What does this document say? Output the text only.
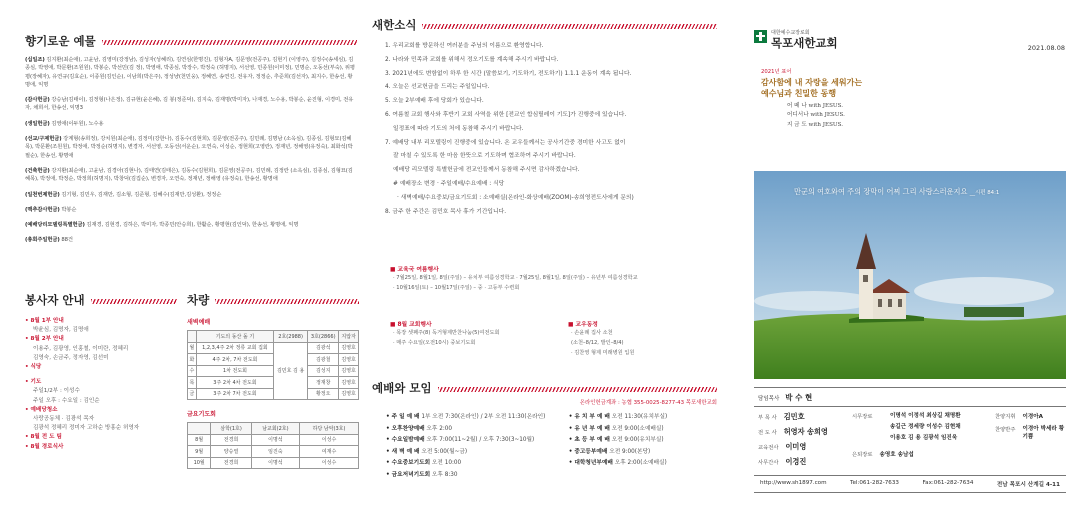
향기로운 예물
(십일조) 김지환(최순애), 고윤남, 김영미(강정남), 김성자(성혜리), 김연심(한명진), 김형자A, 김문영(전공주), 김현기 (이영주), 김정수(송세심), 김종심, 박영애, 박문환(조원원), 박봉순, 박선민(김 정), 박영애, 박종심, 박장수, 박정숙 (허명지), 서선영, 민종원(이미정), 민명순, 오동선(부숙), 위평평(장혜자), 유연규(김효순), 이종원(김인순), 이남희(박은주), 정성냥(천민웅), 정혜연, 송연진, 전유자, 정정순, 추준희(김선자), 최지수, 한송선, 황명애, 익명
(감사헌금) 강승남(김태이), 김정형(나은정), 김규현(윤은혜), 김 봉(정준덕), 김지숙, 김재명(박미자), 나재경, 노수용, 박봉순, 윤진형, 이경미, 전유자, 채희서, 한송선, 익명3
(생일헌금) 김영애(이두원), 노수용
(선교/구제헌금) 강계형(송희정), 강치원(최순애), 김정미(강한나), 김동수(김현희), 김문영(전공주), 김민례, 김명남 (소옥심), 김종심, 김형묘(김혜목), 박문환(조원원), 박정애, 박정순(허명지), 변경자, 서선영, 오동선(서운순), 오연숙, 이성순, 정현희(고영란), 정재년, 정해영(유정숙), 최화석(박필순), 한송선, 황명애
(건축헌금) 강지환(최순애), 고윤남, 김경아(김현나), 김태연(김태은), 김동수(김현희), 김문영(전공주), 김민례, 김정란 (소옥심), 김종심, 김형묘(김혜목), 박정애, 박정순, 박정희(허명지), 박창덕(김집순), 변경자, 오연숙, 정재년, 정해영 (유정숙), 한송선, 황명애
(일천번제헌금) 김기형, 김민우, 김재만, 김소형, 김준형, 김혜수(김재만,김성환), 정정순
(맥추감사헌금) 박봉순
(예배당리모델링특별헌금) 김재경, 김현경, 김하은, 박미자, 박종민(안승희), 한활순, 황평현(김인덕), 한송선, 황명애, 익명
(총회주일헌금) 88건
봉사자 안내
• 8월 1부 안내
박윤심, 김명자, 김명애
• 8월 2부 안내
이용주, 김광영, 인홍철, 이미란, 정혜리
김영숙, 손금주, 정자영, 김선미
• 식당
• 기도
주일1/2부 : 이성수
주일 오후 : 수요일 : 김인순
• 예배당청소
사랑공동체 · 김광석 목자
김광석 정혜리 정미자 고하순 방홍순 허영자
• 8월 전 도 팀
• 8월 경로식사
차량
새벽예배
	기도의 동산 돌 기	2호(2988)	3호(2866)	지압자
월	1,2,3,4주 2차 정류 교회 집회	김민호 김 용	김광석	김영호
화	4주 2차, 7차 전도회		김광철	김영호
수	1차 전도회		김성지	김영호
목	3주 2차 4차 전도회		정재창	김영호
금	3주 2차 7차 전도회		황정오	김영호
금요기도회
	삼학(1호)	남교회(2호)	하당 남악(3호)
8월	전경희	이명석	이성수
9월	양승열	임진숙	여재수
10월	전경희	이명석	이성수
새한소식
1. 우리교회를 방문하신 여러분을 주님의 이름으로 환영합니다.
2. 나라와 민족과 교회를 위해서 정오기도를 계속해 주시기 바랍니다.
3. 2021년에도 변함없이 하루 한 시간 (말씀보기, 기도하기, 전도하기) 1.1.1 운동이 계속 됩니다.
4. 오늘은 선교헌금을 드리는 주일입니다.
5. 오늘 2부예배 후에 당회가 있습니다.
6. 여름철 교회 행사와 후반기 교회 사역을 위한 [전교인 합심릴레이 기도]가 진행중에 있습니다.
일정표에 따라 기도의 처에 동참해 주시기 바랍니다.
7. 예배당 내부 리모델링이 진행중에 있습니다. 온 교우들께서는 공사기간중 경미한 사고도 없이
잘 마칠 수 있도록 한 마음 한뜻으로 기도하며 협조하여 주시기 바랍니다.
예배당 리모델링 특별헌금에 전교인들께서 동참해 주시면 감사하겠습니다.
# 예배장소 변경 · 주일예배/수요예배 : 식당
· 새벽예배/수요중보/금요기도회 : 소예배실(온라인-화상예배(ZOOM)-송희영전도사에게 문의)
8. 금주 한 주간은 김민호 목사 휴가 기간입니다.
■ 교육국 여름행사
· 7월25일, 8월1일, 8일(주일) – 유치부 여름성경학교 · 7월25일, 8월1일, 8일(주일) – 유년부 여름성경학교
· 10월16일(토) – 10월17일(주일) – 중 · 고등부 수련회
■ 8월 교회행사
· 목장 셋째주(8) 독거형제반찬나눔(5)여전도회
· 매주 수요일(오전10시) 중보기도회
■ 교우동정
· 손윤례 집사 소천
(소천–8/12, 발인–8/4)
· 김찬영 형제 미래병원 입원
예배와 모임
온라인헌금계좌 : 농협 355-0025-8277-43 목포새한교회
• 주 일 예 배 1부 오전 7:30(온라인) / 2부 오전 11:30(온라인)
• 오후찬양예배 오후 2:00
• 수요일밤예배 오후 7:00(11~2월) / 오후 7:30(3~10월)
• 새 벽 예 배 오전 5:00(월~금)
• 수요중보기도회 오전 10:00
• 금요저녁기도회 오후 8:30
• 유 치 부 예 배 오전 11:30(유치부실)
• 유 년 부 예 배 오전 9:00(소예배실)
• 초 등 부 예 배 오전 9:00(유치부실)
• 중고등부예배 오전 9:00(본당)
• 대학청년부예배 오후 2:00(소예배실)
대한예수교장로회
목포새한교회	2021.08.08
2021년 표어
감사함에 내 자랑을 세워가는
예수님과 친밀한 동행
어 떼 나 with JESUS.
어디서나 with JESUS.
지 금 도 with JESUS.
만군의 여호와여 주의 장막이 어찌 그리 사랑스러운지요 __시편 84:1
담임목사 박 수 현
부 목 사 김민호
전 도 사 허영자 송희영
교육전사 이미영
사무간사 이경진
시무장로	이명석 이정석 최상길 채명환
송길근 정세량 이성수 김현채
이용호 김 용 김광석 임진욱
은퇴장로 송영호 송남섭
찬양지휘 이경아A
찬양반주 이경아 박세라 황기쁨
http://www.sh1897.com	Tel:061-282-7633	Fax:061-282-7634	전남 목포시 산계길 4-11
